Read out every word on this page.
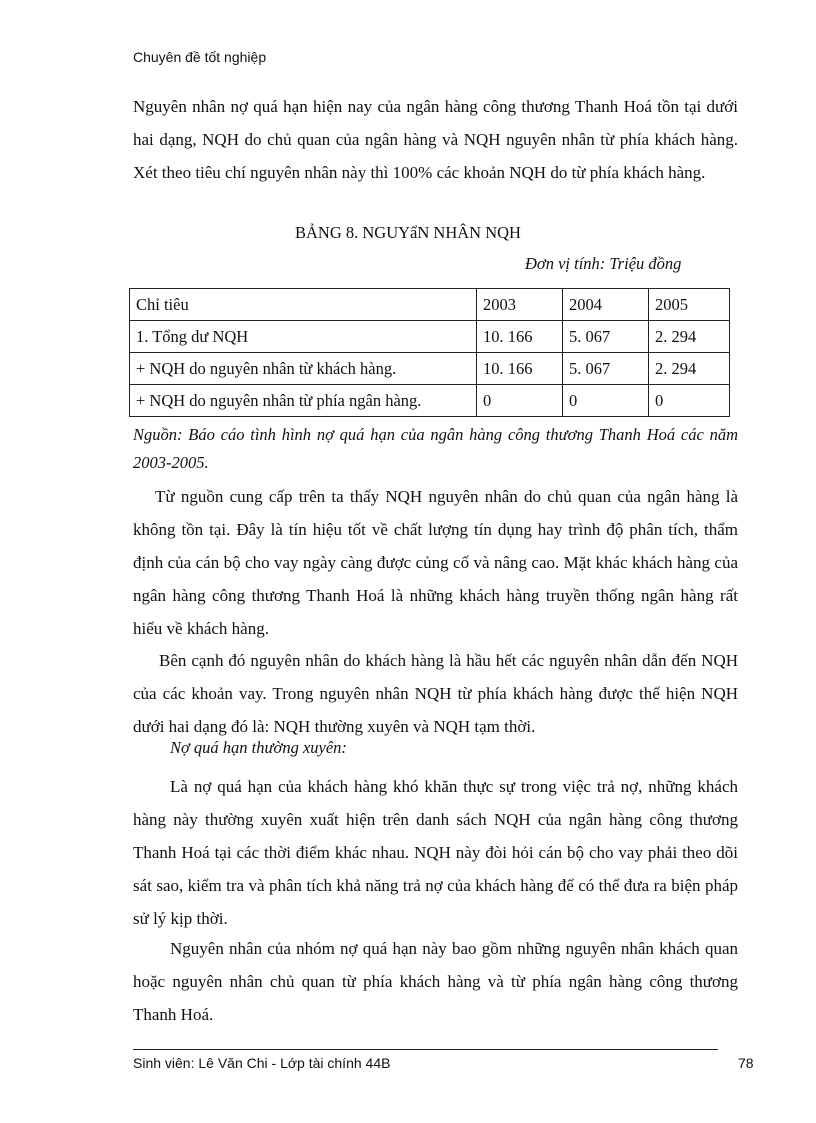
Chuyên đề tốt nghiệp

Nguyên nhân nợ quá hạn hiện nay của ngân hàng công thương Thanh Hoá tồn tại dưới hai dạng, NQH do chủ quan của ngân hàng và NQH nguyên nhân từ phía khách hàng. Xét theo tiêu chí nguyên nhân này thì 100% các khoản NQH do từ phía khách hàng.

BẢNG 8. NGUYẩN NHÂN NQH
Đơn vị tính: Triệu đồng
Chỉ tiêu	2003	2004	2005
1. Tổng dư NQH	10. 166	5. 067	2. 294
+ NQH do nguyên nhân từ khách hàng.	10. 166	5. 067	2. 294
+ NQH do nguyên nhân từ phía ngân hàng.	0	0	0

Nguồn: Báo cáo tình hình nợ quá hạn của ngân hàng công thương Thanh Hoá các năm 2003-2005.

Từ nguồn cung cấp trên ta thấy NQH nguyên nhân do chủ quan của ngân hàng là không tồn tại. Đây là tín hiệu tốt về chất lượng tín dụng hay trình độ phân tích, thẩm định của cán bộ cho vay ngày càng được củng cố và nâng cao. Mặt khác khách hàng của ngân hàng công thương Thanh Hoá là những khách hàng truyền thống ngân hàng rất hiểu về khách hàng.

Bên cạnh đó nguyên nhân do khách hàng là hầu hết các nguyên nhân dẫn đến NQH của các khoản vay. Trong nguyên nhân NQH từ phía khách hàng được thể hiện NQH dưới hai dạng đó là: NQH thường xuyên và NQH tạm thời.

Nợ quá hạn thường xuyên:

Là nợ quá hạn của khách hàng khó khăn thực sự trong việc trả nợ, những khách hàng này thường xuyên xuất hiện trên danh sách NQH của ngân hàng công thương Thanh Hoá tại các thời điểm khác nhau. NQH này đòi hỏi cán bộ cho vay phải theo dõi sát sao, kiểm tra và phân tích khả năng trả nợ của khách hàng để có thể đưa ra biện pháp sử lý kịp thời.

Nguyên nhân của nhóm nợ quá hạn này bao gồm những nguyên nhân khách quan hoặc nguyên nhân chủ quan từ phía khách hàng và từ phía ngân hàng công thương Thanh Hoá.

Sinh viên: Lê Văn Chi - Lớp tài chính 44B	78
